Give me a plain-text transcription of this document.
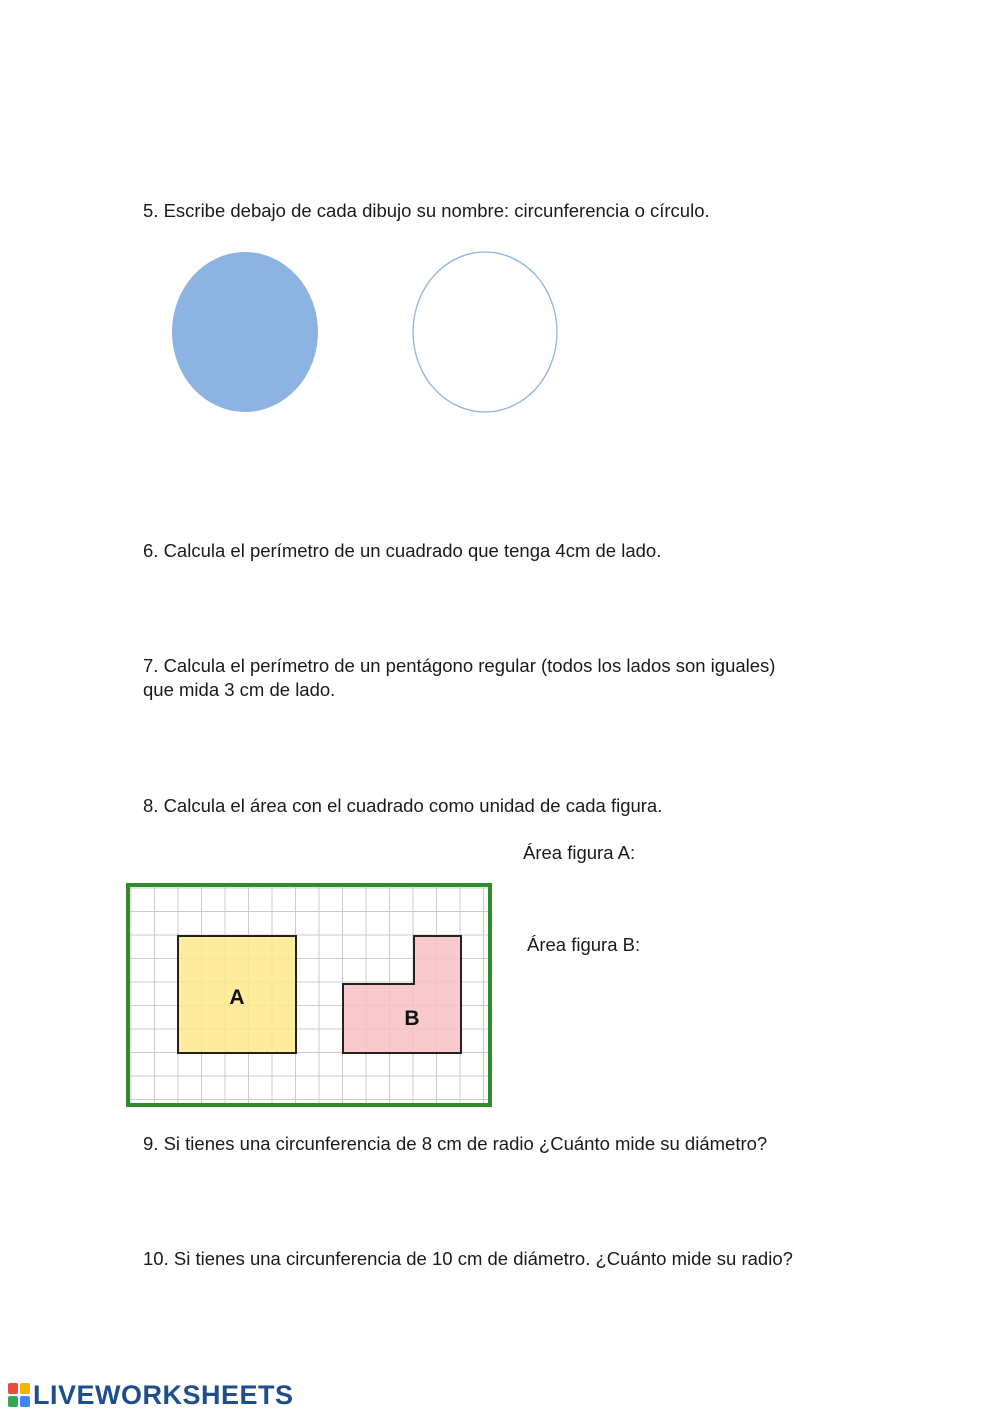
5. Escribe debajo de cada dibujo su nombre: circunferencia o círculo.
6. Calcula el perímetro de un cuadrado que tenga 4cm de lado.
7. Calcula el perímetro de un pentágono regular (todos los lados son iguales)
que mida 3 cm de lado.
8. Calcula el área con el cuadrado como unidad de cada figura.
Área figura A:
Área figura B:
A
B
9. Si tienes una circunferencia de 8 cm de radio ¿Cuánto mide su diámetro?
10. Si tienes una circunferencia de 10 cm de diámetro. ¿Cuánto mide su radio?
LIVEWORKSHEETS
